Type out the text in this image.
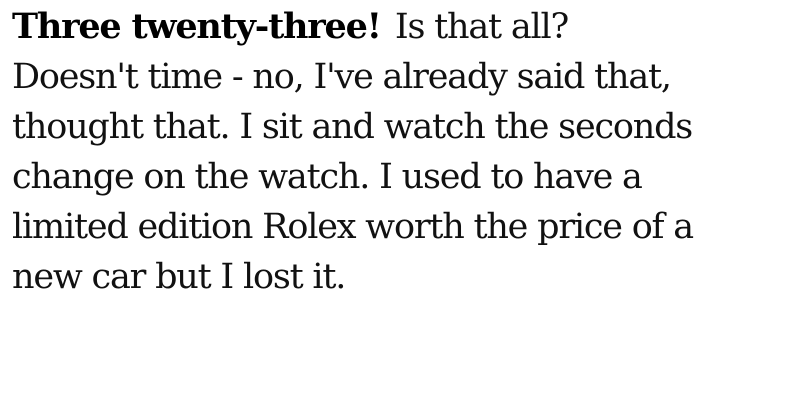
Three twenty-three! Is that all?
Doesn't time - no, I've already said that,
thought that. I sit and watch the seconds
change on the watch. I used to have a
limited edition Rolex worth the price of a
new car but I lost it.
